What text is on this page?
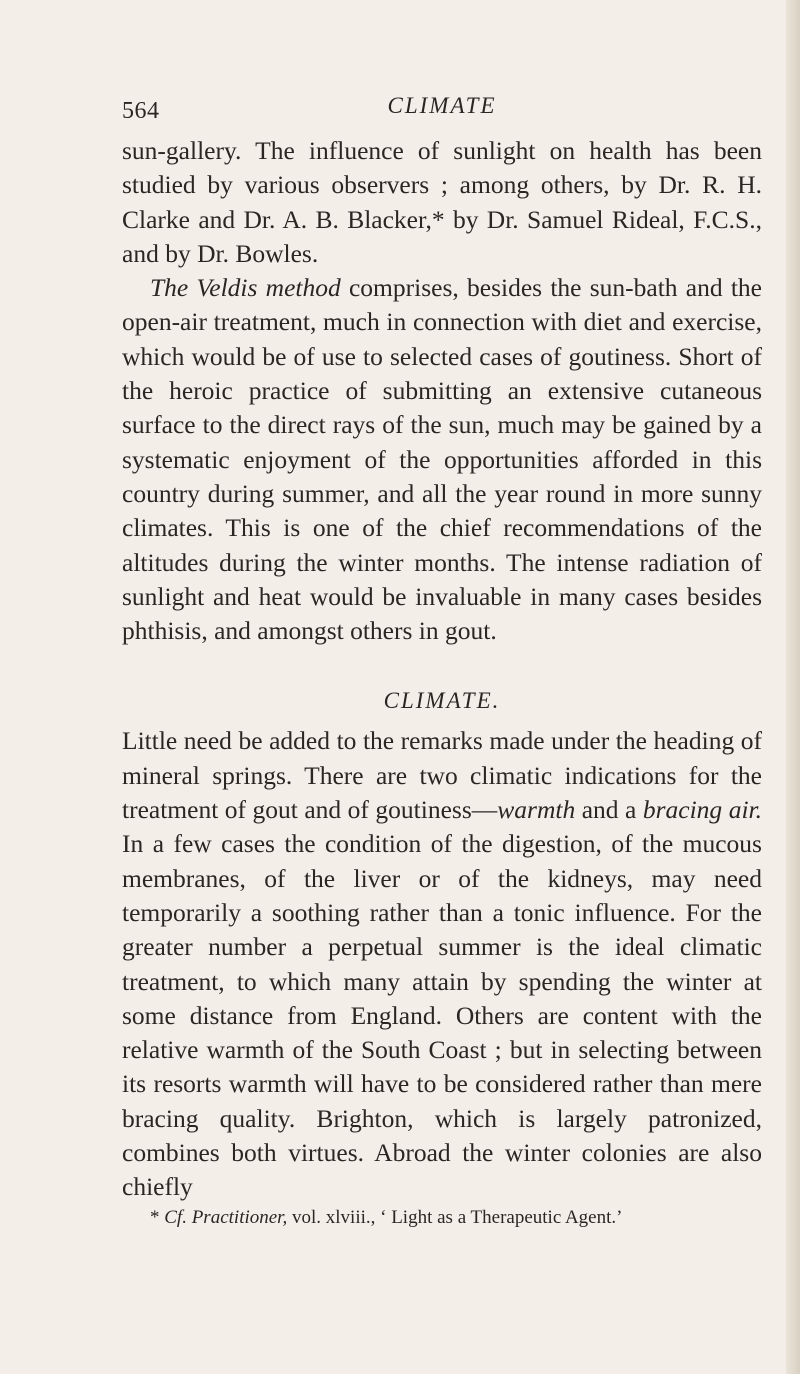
564	CLIMATE

sun-gallery. The influence of sunlight on health has been studied by various observers ; among others, by Dr. R. H. Clarke and Dr. A. B. Blacker,* by Dr. Samuel Rideal, F.C.S., and by Dr. Bowles.

The Veldis method comprises, besides the sun-bath and the open-air treatment, much in connection with diet and exercise, which would be of use to selected cases of goutiness. Short of the heroic practice of submitting an extensive cutaneous surface to the direct rays of the sun, much may be gained by a systematic enjoyment of the opportunities afforded in this country during summer, and all the year round in more sunny climates. This is one of the chief recommendations of the altitudes during the winter months. The intense radiation of sunlight and heat would be invaluable in many cases besides phthisis, and amongst others in gout.

CLIMATE.

Little need be added to the remarks made under the heading of mineral springs. There are two climatic indications for the treatment of gout and of goutiness—warmth and a bracing air. In a few cases the condition of the digestion, of the mucous membranes, of the liver or of the kidneys, may need temporarily a soothing rather than a tonic influence. For the greater number a perpetual summer is the ideal climatic treatment, to which many attain by spending the winter at some distance from England. Others are content with the relative warmth of the South Coast ; but in selecting between its resorts warmth will have to be considered rather than mere bracing quality. Brighton, which is largely patronized, combines both virtues. Abroad the winter colonies are also chiefly

* Cf. Practitioner, vol. xlviii., ‘ Light as a Therapeutic Agent.’
